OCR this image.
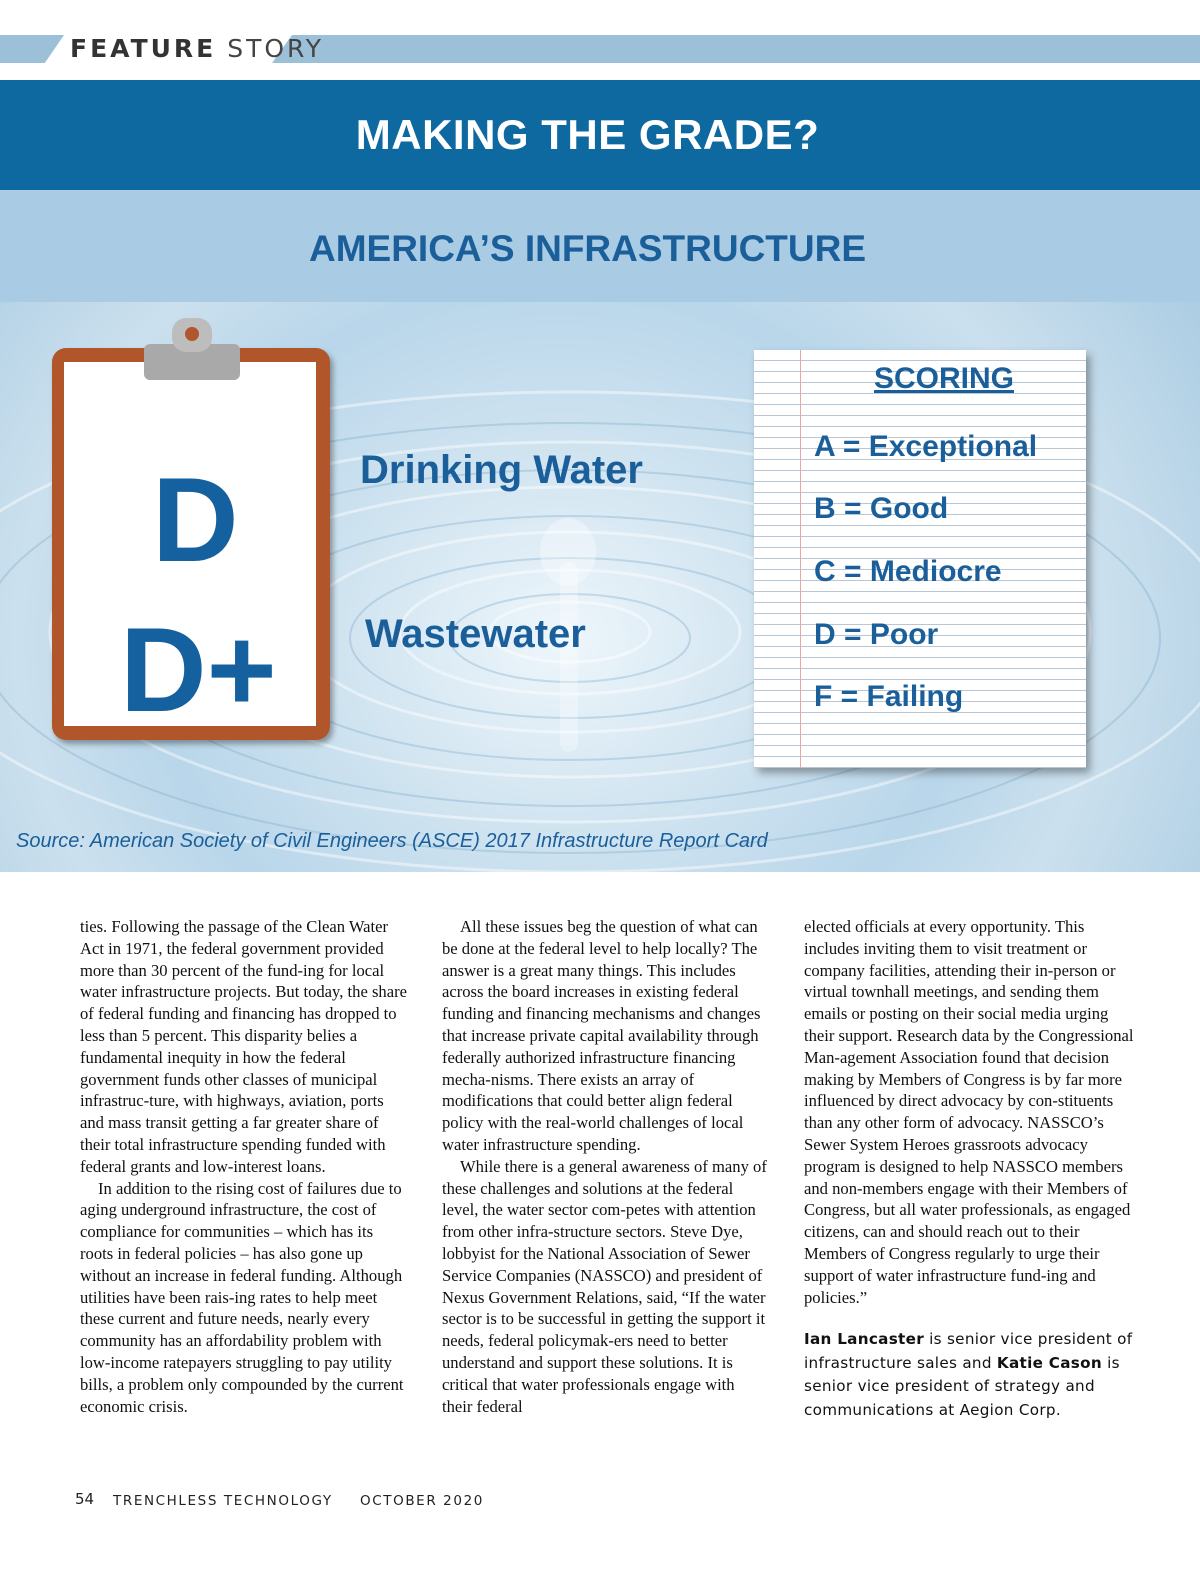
FEATURE STORY
MAKING THE GRADE?
AMERICA’S INFRASTRUCTURE
D
D+
Drinking Water
Wastewater
SCORING
A = Exceptional
B = Good
C = Mediocre
D = Poor
F = Failing
Source: American Society of Civil Engineers (ASCE) 2017 Infrastructure Report Card

ties. Following the passage of the Clean Water Act in 1971, the federal government provided more than 30 percent of the fund-ing for local water infrastructure projects. But today, the share of federal funding and financing has dropped to less than 5 percent. This disparity belies a fundamental inequity in how the federal government funds other classes of municipal infrastruc-ture, with highways, aviation, ports and mass transit getting a far greater share of their total infrastructure spending funded with federal grants and low-interest loans.

In addition to the rising cost of failures due to aging underground infrastructure, the cost of compliance for communities – which has its roots in federal policies – has also gone up without an increase in federal funding. Although utilities have been rais-ing rates to help meet these current and future needs, nearly every community has an affordability problem with low-income ratepayers struggling to pay utility bills, a problem only compounded by the current economic crisis.

All these issues beg the question of what can be done at the federal level to help locally? The answer is a great many things. This includes across the board increases in existing federal funding and financing mechanisms and changes that increase private capital availability through federally authorized infrastructure financing mecha-nisms. There exists an array of modifications that could better align federal policy with the real-world challenges of local water infrastructure spending.

While there is a general awareness of many of these challenges and solutions at the federal level, the water sector com-petes with attention from other infra-structure sectors. Steve Dye, lobbyist for the National Association of Sewer Service Companies (NASSCO) and president of Nexus Government Relations, said, “If the water sector is to be successful in getting the support it needs, federal policymak-ers need to better understand and support these solutions. It is critical that water professionals engage with their federal

elected officials at every opportunity. This includes inviting them to visit treatment or company facilities, attending their in-person or virtual townhall meetings, and sending them emails or posting on their social media urging their support. Research data by the Congressional Man-agement Association found that decision making by Members of Congress is by far more influenced by direct advocacy by con-stituents than any other form of advocacy. NASSCO’s Sewer System Heroes grassroots advocacy program is designed to help NASSCO members and non-members engage with their Members of Congress, but all water professionals, as engaged citizens, can and should reach out to their Members of Congress regularly to urge their support of water infrastructure fund-ing and policies.”

Ian Lancaster is senior vice president of infrastructure sales and Katie Cason is senior vice president of strategy and communications at Aegion Corp.

54 TRENCHLESS TECHNOLOGY OCTOBER 2020
